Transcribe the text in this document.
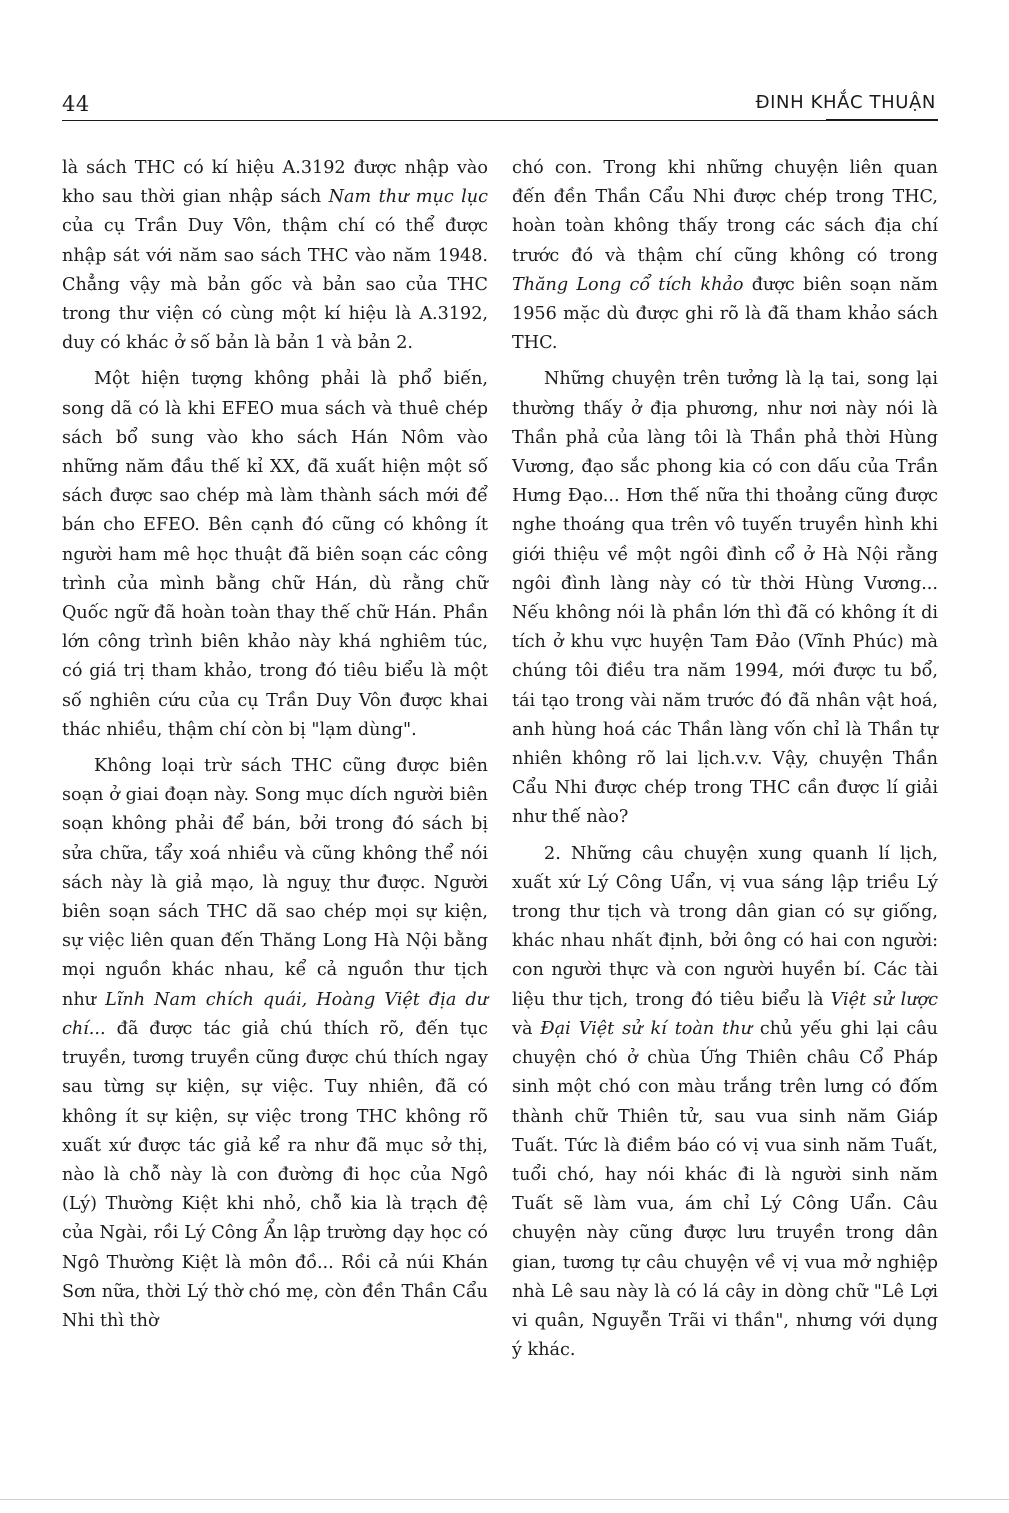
44	ĐINH KHẮC THUẬN

là sách THC có kí hiệu A.3192 được nhập vào kho sau thời gian nhập sách Nam thư mục lục của cụ Trần Duy Vôn, thậm chí có thể được nhập sát với năm sao sách THC vào năm 1948. Chẳng vậy mà bản gốc và bản sao của THC trong thư viện có cùng một kí hiệu là A.3192, duy có khác ở số bản là bản 1 và bản 2.

Một hiện tượng không phải là phổ biến, song dã có là khi EFEO mua sách và thuê chép sách bổ sung vào kho sách Hán Nôm vào những năm đầu thế kỉ XX, đã xuất hiện một số sách được sao chép mà làm thành sách mới để bán cho EFEO. Bên cạnh đó cũng có không ít người ham mê học thuật đã biên soạn các công trình của mình bằng chữ Hán, dù rằng chữ Quốc ngữ đã hoàn toàn thay thế chữ Hán. Phần lớn công trình biên khảo này khá nghiêm túc, có giá trị tham khảo, trong đó tiêu biểu là một số nghiên cứu của cụ Trần Duy Vôn được khai thác nhiều, thậm chí còn bị "lạm dùng".

Không loại trừ sách THC cũng được biên soạn ở giai đoạn này. Song mục dích người biên soạn không phải để bán, bởi trong đó sách bị sửa chữa, tẩy xoá nhiều và cũng không thể nói sách này là giả mạo, là nguỵ thư được. Người biên soạn sách THC dã sao chép mọi sự kiện, sự việc liên quan đến Thăng Long Hà Nội bằng mọi nguồn khác nhau, kể cả nguồn thư tịch như Lĩnh Nam chích quái, Hoàng Việt địa dư chí... đã được tác giả chú thích rõ, đến tục truyền, tương truyền cũng được chú thích ngay sau từng sự kiện, sự việc. Tuy nhiên, đã có không ít sự kiện, sự việc trong THC không rõ xuất xứ được tác giả kể ra như đã mục sở thị, nào là chỗ này là con đường đi học của Ngô (Lý) Thường Kiệt khi nhỏ, chỗ kia là trạch đệ của Ngài, rồi Lý Công Ẩn lập trường dạy học có Ngô Thường Kiệt là môn đồ... Rồi cả núi Khán Sơn nữa, thời Lý thờ chó mẹ, còn đền Thần Cẩu Nhi thì thờ

chó con. Trong khi những chuyện liên quan đến đền Thần Cẩu Nhi được chép trong THC, hoàn toàn không thấy trong các sách địa chí trước đó và thậm chí cũng không có trong Thăng Long cổ tích khảo được biên soạn năm 1956 mặc dù được ghi rõ là đã tham khảo sách THC.

Những chuyện trên tưởng là lạ tai, song lại thường thấy ở địa phương, như nơi này nói là Thần phả của làng tôi là Thần phả thời Hùng Vương, đạo sắc phong kia có con dấu của Trần Hưng Đạo... Hơn thế nữa thi thoảng cũng được nghe thoáng qua trên vô tuyến truyền hình khi giới thiệu về một ngôi đình cổ ở Hà Nội rằng ngôi đình làng này có từ thời Hùng Vương... Nếu không nói là phần lớn thì đã có không ít di tích ở khu vực huyện Tam Đảo (Vĩnh Phúc) mà chúng tôi điều tra năm 1994, mới được tu bổ, tái tạo trong vài năm trước đó đã nhân vật hoá, anh hùng hoá các Thần làng vốn chỉ là Thần tự nhiên không rõ lai lịch.v.v. Vậy, chuyện Thần Cẩu Nhi được chép trong THC cần được lí giải như thế nào?

2. Những câu chuyện xung quanh lí lịch, xuất xứ Lý Công Uẩn, vị vua sáng lập triều Lý trong thư tịch và trong dân gian có sự giống, khác nhau nhất định, bởi ông có hai con người: con người thực và con người huyền bí. Các tài liệu thư tịch, trong đó tiêu biểu là Việt sử lược và Đại Việt sử kí toàn thư chủ yếu ghi lại câu chuyện chó ở chùa Ứng Thiên châu Cổ Pháp sinh một chó con màu trắng trên lưng có đốm thành chữ Thiên tử, sau vua sinh năm Giáp Tuất. Tức là điềm báo có vị vua sinh năm Tuất, tuổi chó, hay nói khác đi là người sinh năm Tuất sẽ làm vua, ám chỉ Lý Công Uẩn. Câu chuyện này cũng được lưu truyền trong dân gian, tương tự câu chuyện về vị vua mở nghiệp nhà Lê sau này là có lá cây in dòng chữ "Lê Lợi vi quân, Nguyễn Trãi vi thần", nhưng với dụng ý khác.
